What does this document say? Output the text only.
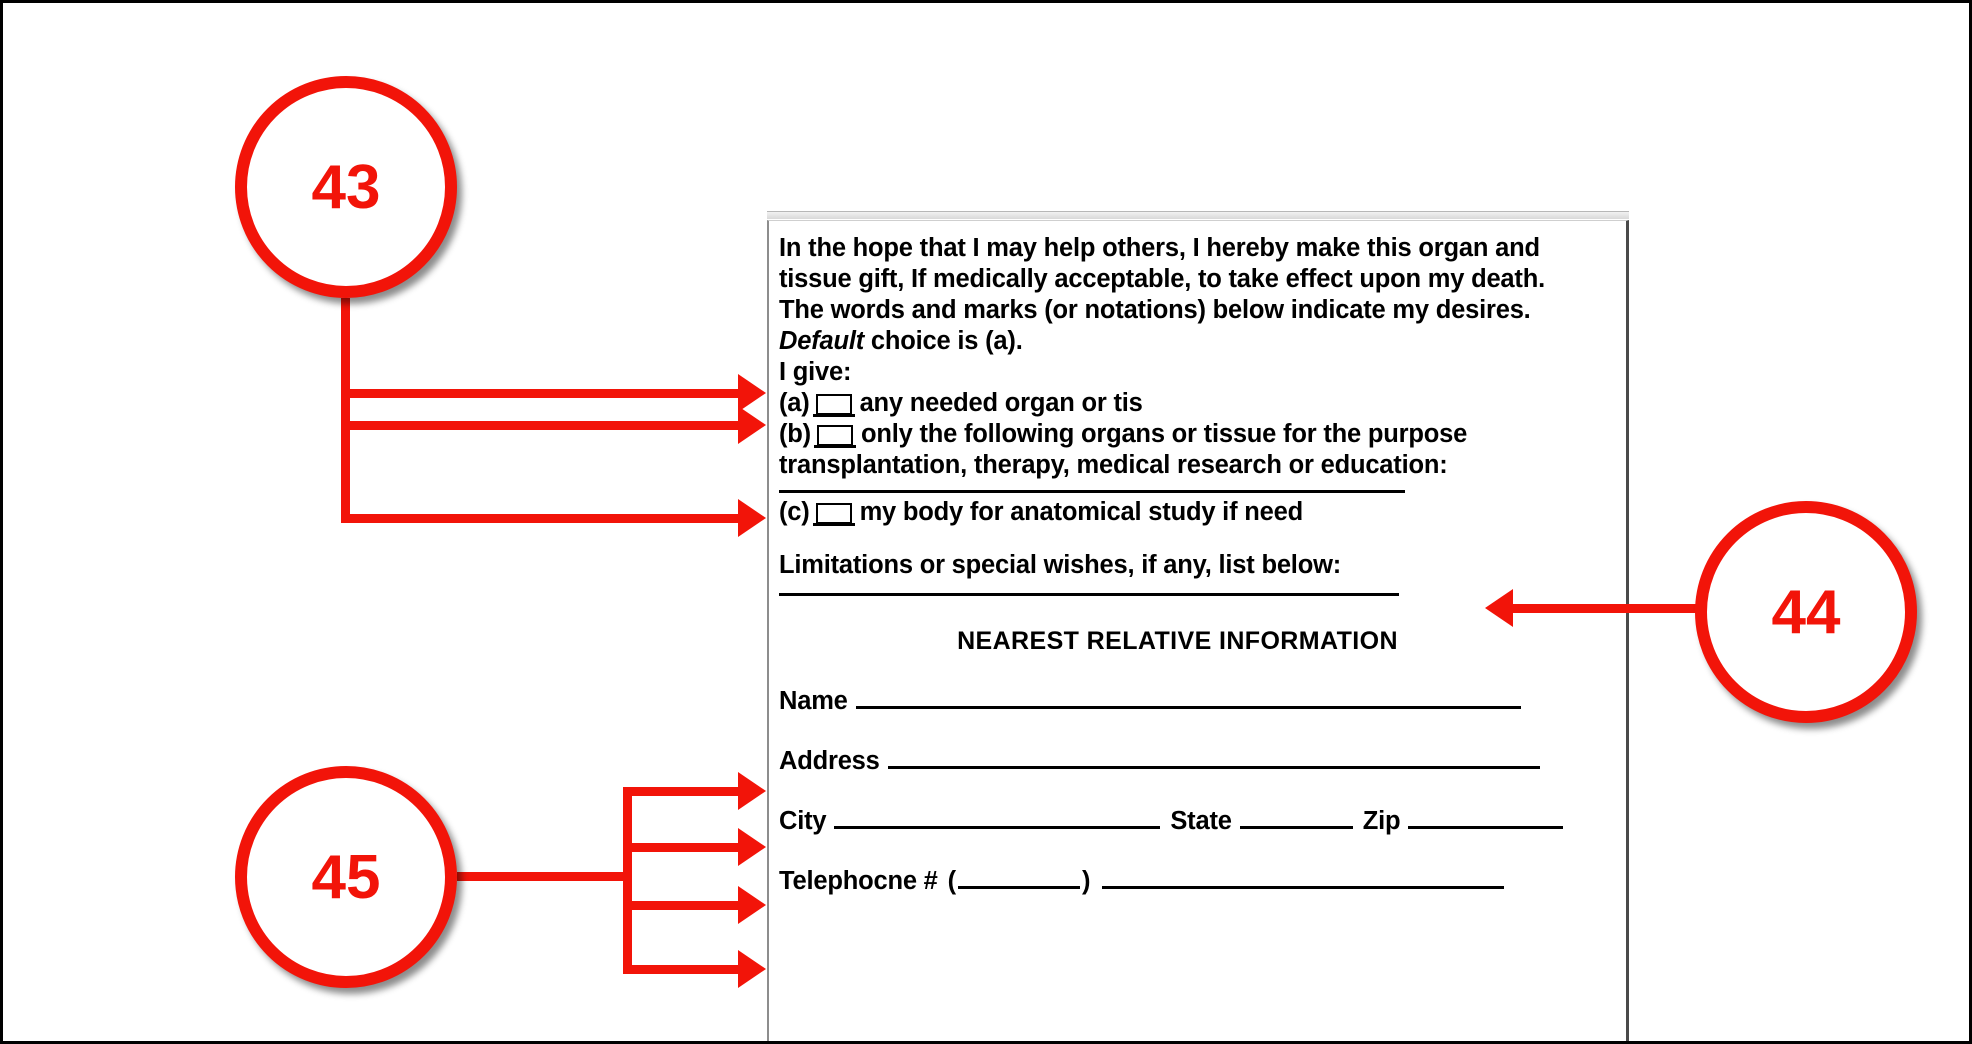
In the hope that I may help others, I hereby make this organ and
tissue gift, If medically acceptable, to take effect upon my death.
The words and marks (or notations) below indicate my desires.
Default choice is (a).
I give:
(a) any needed organ or tis
(b) only the following organs or tissue for the purpose
transplantation, therapy, medical research or education:
(c) my body for anatomical study if need
Limitations or special wishes, if any, list below:
NEAREST RELATIVE INFORMATION
Name
Address
City	State	Zip
Telephocne # (	)
43
44
45
